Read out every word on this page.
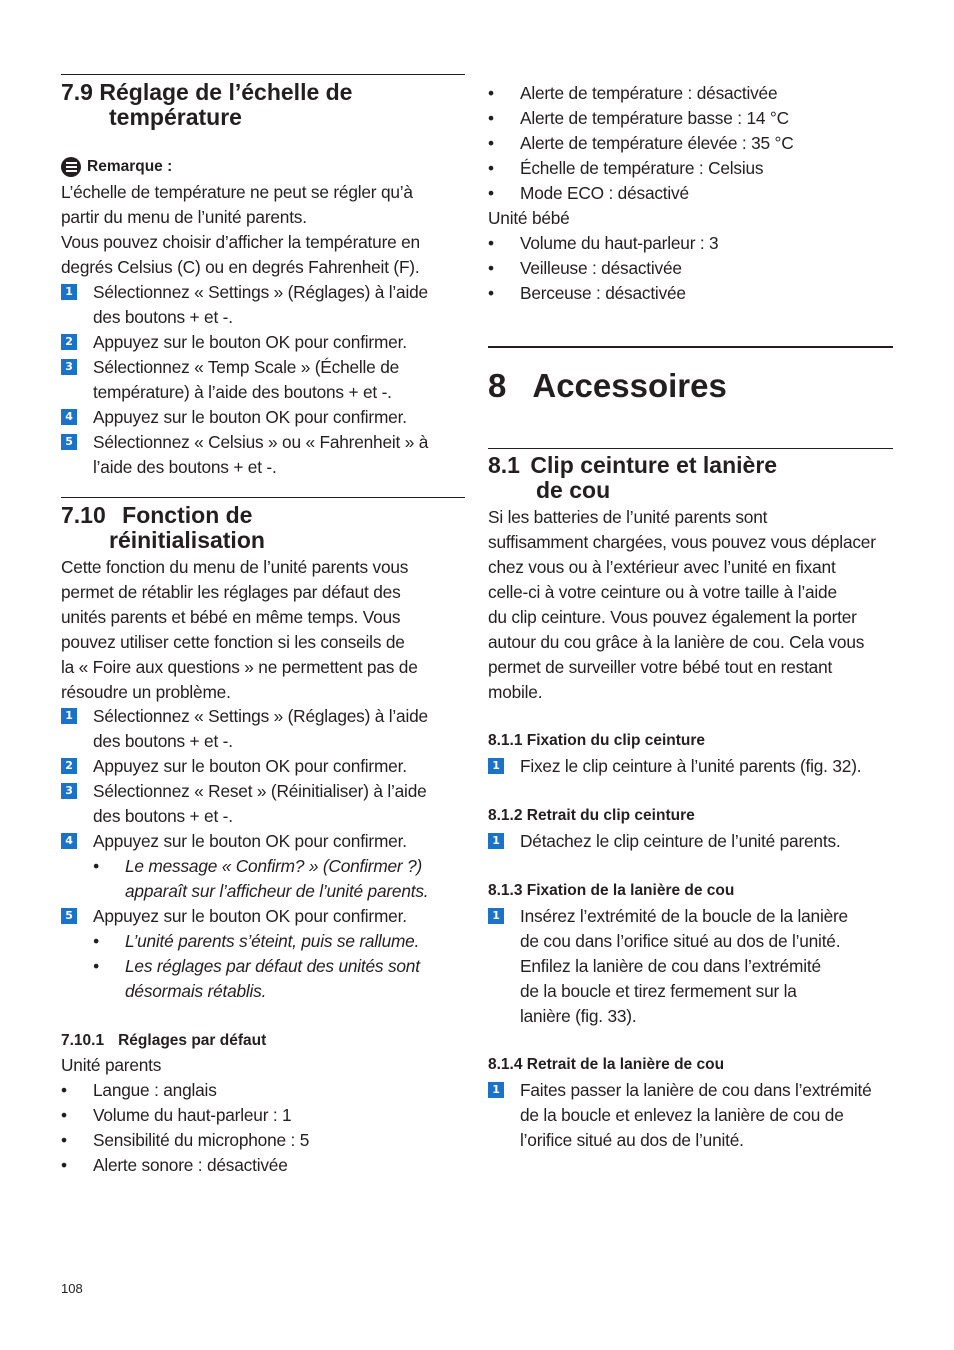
7.9 Réglage de l’échelle de
température
Remarque :

L’échelle de température ne peut se régler qu’à
partir du menu de l’unité parents.
Vous pouvez choisir d’afficher la température en
degrés Celsius (C) ou en degrés Fahrenheit (F).

1 Sélectionnez « Settings » (Réglages) à l’aide
des boutons + et -.
2 Appuyez sur le bouton OK pour confirmer.
3 Sélectionnez « Temp Scale » (Échelle de
température) à l’aide des boutons + et -.
4 Appuyez sur le bouton OK pour confirmer.
5 Sélectionnez « Celsius » ou « Fahrenheit » à
l’aide des boutons + et -.
7.10 Fonction de
réinitialisation

Cette fonction du menu de l’unité parents vous
permet de rétablir les réglages par défaut des
unités parents et bébé en même temps. Vous
pouvez utiliser cette fonction si les conseils de
la « Foire aux questions » ne permettent pas de
résoudre un problème.

1 Sélectionnez « Settings » (Réglages) à l’aide
des boutons + et -.
2 Appuyez sur le bouton OK pour confirmer.
3 Sélectionnez « Reset » (Réinitialiser) à l’aide
des boutons + et -.
4 Appuyez sur le bouton OK pour confirmer.
•	Le message « Confirm? » (Confirmer ?)
apparaît sur l’afficheur de l’unité parents.
5 Appuyez sur le bouton OK pour confirmer.
•	L’unité parents s’éteint, puis se rallume.
•	Les réglages par défaut des unités sont
désormais rétablis.
7.10.1 Réglages par défaut

Unité parents

•	Langue : anglais
•	Volume du haut-parleur : 1
•	Sensibilité du microphone : 5
•	Alerte sonore : désactivée
•	Alerte de température : désactivée
•	Alerte de température basse : 14 °C
•	Alerte de température élevée : 35 °C
•	Échelle de température : Celsius
•	Mode ECO : désactivé

Unité bébé

•	Volume du haut-parleur : 3
•	Veilleuse : désactivée
•	Berceuse : désactivée
8 Accessoires
8.1 Clip ceinture et lanière
de cou

Si les batteries de l’unité parents sont
suffisamment chargées, vous pouvez vous déplacer
chez vous ou à l’extérieur avec l’unité en fixant
celle-ci à votre ceinture ou à votre taille à l’aide
du clip ceinture. Vous pouvez également la porter
autour du cou grâce à la lanière de cou. Cela vous
permet de surveiller votre bébé tout en restant
mobile.

8.1.1 Fixation du clip ceinture
1 Fixez le clip ceinture à l’unité parents (fig. 32).
8.1.2 Retrait du clip ceinture
1 Détachez le clip ceinture de l’unité parents.
8.1.3 Fixation de la lanière de cou
1 Insérez l’extrémité de la boucle de la lanière
de cou dans l’orifice situé au dos de l’unité.
Enfilez la lanière de cou dans l’extrémité
de la boucle et tirez fermement sur la
lanière (fig. 33).
8.1.4 Retrait de la lanière de cou
1 Faites passer la lanière de cou dans l’extrémité
de la boucle et enlevez la lanière de cou de
l’orifice situé au dos de l’unité.
108
